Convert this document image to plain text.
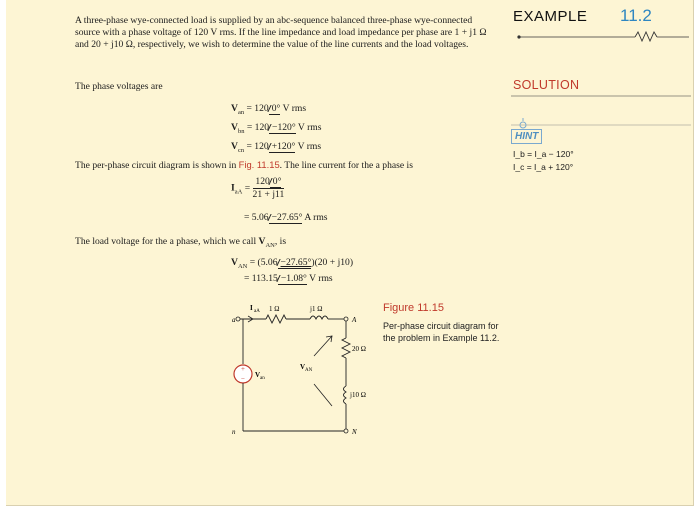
EXAMPLE 11.2
SOLUTION
HINT
I_b = I_a − 120°
I_c = I_a + 120°
A three-phase wye-connected load is supplied by an abc-sequence balanced three-phase wye-connected source with a phase voltage of 120 V rms. If the line impedance and load impedance per phase are 1 + j1 Ω and 20 + j10 Ω, respectively, we wish to determine the value of the line currents and the load voltages.
The phase voltages are
$V_{an} = 120$ 0° V rms
$V_{bn} = 120 -120^\circ$ V rms
$V_{cn} = 120 +120^\circ$ V rms
The per-phase circuit diagram is shown in Fig. 11.15. The line current for the a phase is
$I_{aA} = \frac{120 0^\circ}{21 + j11}$
= 5.06 −27.65° A rms
The load voltage for the a phase, which we call $V_{AN}$, is
$V_{AN} = (5.06 -27.65^\circ)(20 + j10)$
= 113.15 −1.08° V rms
+
−
a	A
n	N
I aA 1 Ω	j1 Ω
20 Ω
j10 Ω
V an
V AN
Figure 11.15
Per-phase circuit diagram for the problem in Example 11.2.
